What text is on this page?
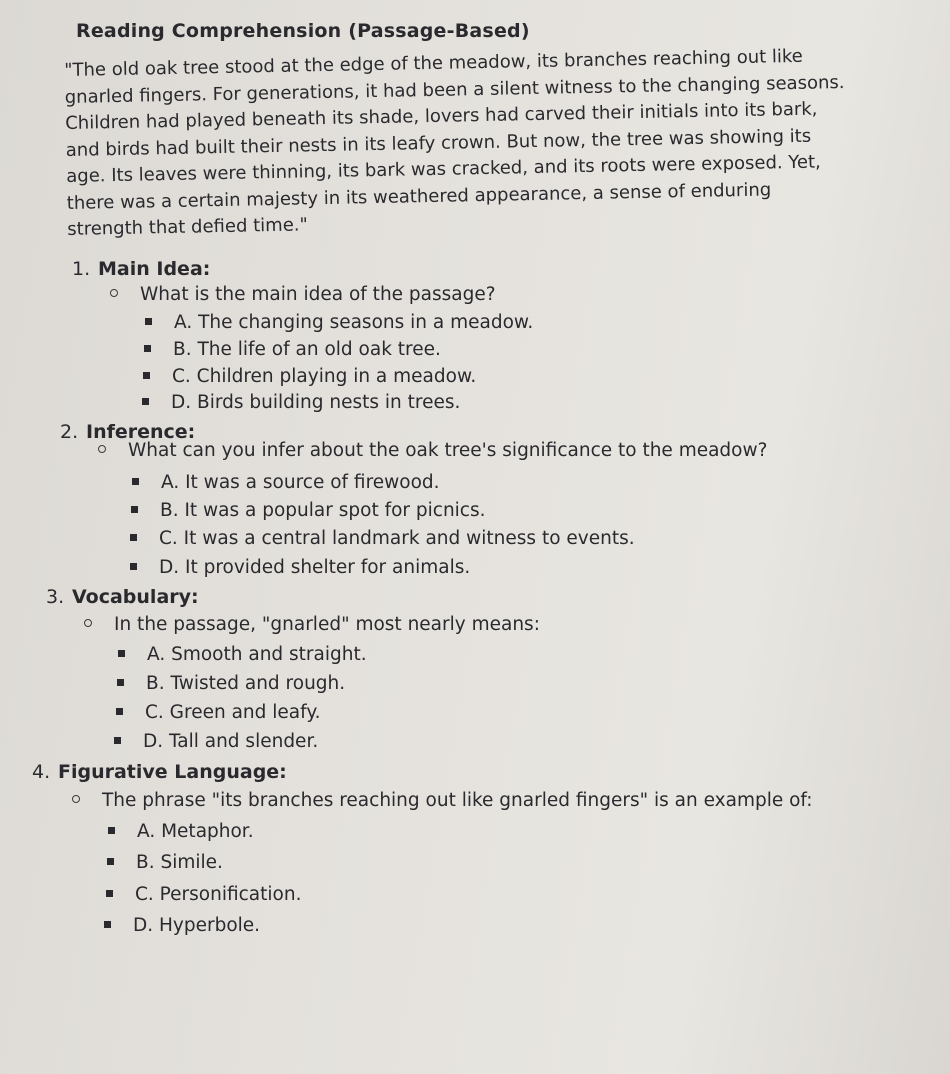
Reading Comprehension (Passage-Based)
"The old oak tree stood at the edge of the meadow, its branches reaching out like
gnarled fingers. For generations, it had been a silent witness to the changing seasons.
Children had played beneath its shade, lovers had carved their initials into its bark,
and birds had built their nests in its leafy crown. But now, the tree was showing its
age. Its leaves were thinning, its bark was cracked, and its roots were exposed. Yet,
there was a certain majesty in its weathered appearance, a sense of enduring
strength that defied time."
1. Main Idea:
What is the main idea of the passage?
A. The changing seasons in a meadow.
B. The life of an old oak tree.
C. Children playing in a meadow.
D. Birds building nests in trees.
2. Inference:
What can you infer about the oak tree's significance to the meadow?
A. It was a source of firewood.
B. It was a popular spot for picnics.
C. It was a central landmark and witness to events.
D. It provided shelter for animals.
3. Vocabulary:
In the passage, "gnarled" most nearly means:
A. Smooth and straight.
B. Twisted and rough.
C. Green and leafy.
D. Tall and slender.
4. Figurative Language:
The phrase "its branches reaching out like gnarled fingers" is an example of:
A. Metaphor.
B. Simile.
C. Personification.
D. Hyperbole.
